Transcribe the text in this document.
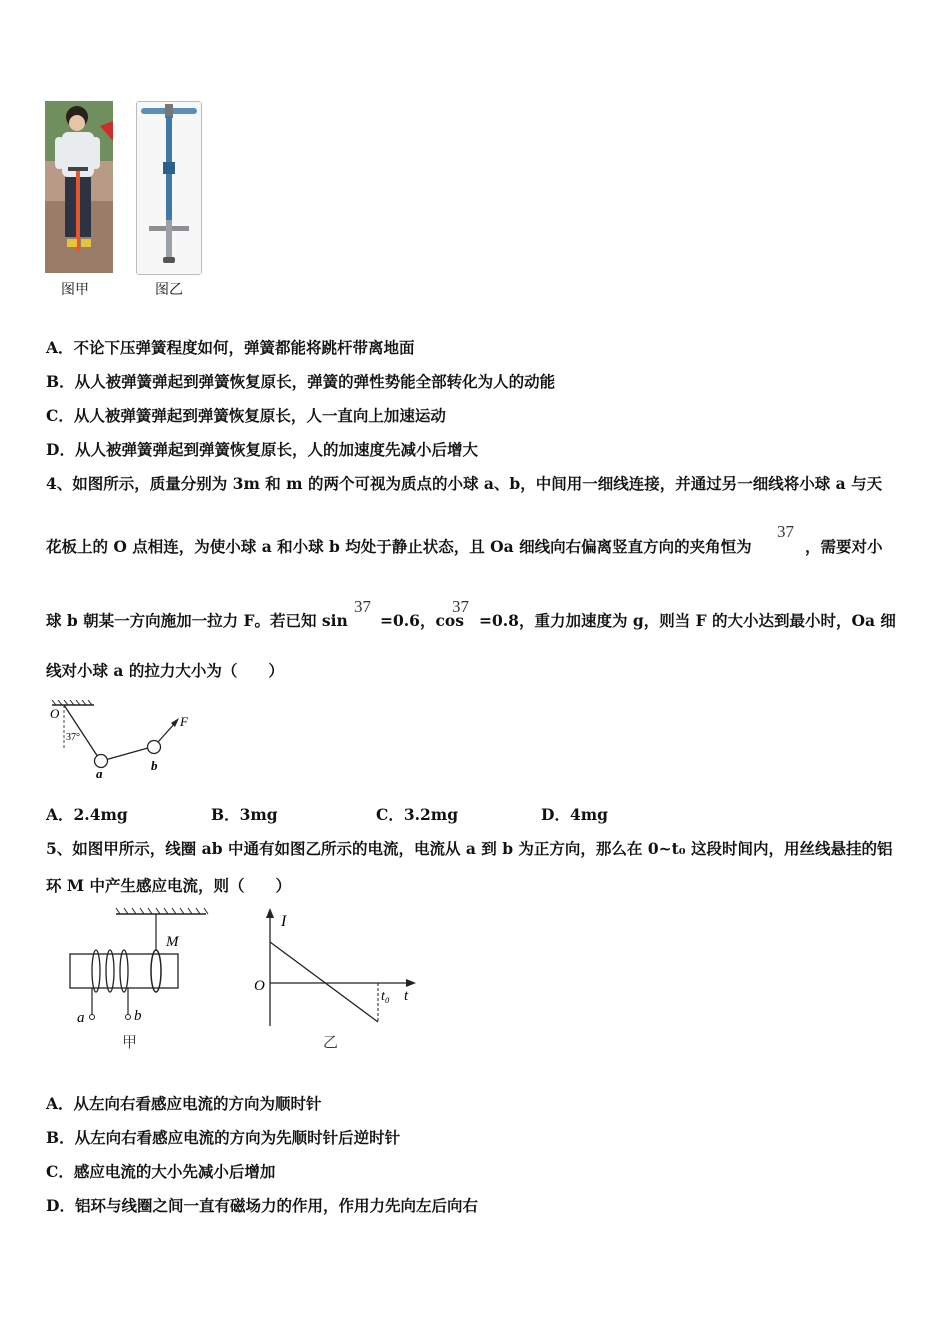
图甲	图乙
A．不论下压弹簧程度如何，弹簧都能将跳杆带离地面
B．从人被弹簧弹起到弹簧恢复原长，弹簧的弹性势能全部转化为人的动能
C．从人被弹簧弹起到弹簧恢复原长，人一直向上加速运动
D．从人被弹簧弹起到弹簧恢复原长，人的加速度先减小后增大
4、如图所示，质量分别为 3m 和 m 的两个可视为质点的小球 a、b，中间用一细线连接，并通过另一细线将小球 a 与天
花板上的 O 点相连，为使小球 a 和小球 b 均处于静止状态，且 Oa 细线向右偏离竖直方向的夹角恒为
37
，需要对小
球 b 朝某一方向施加一拉力 F。若已知 sin
37
=0.6，cos
37
=0.8，重力加速度为 g，则当 F 的大小达到最小时，Oa 细
线对小球 a 的拉力大小为（　　）
O
37°
a
b
F
A．2.4mg	B．3mg	C．3.2mg	D．4mg
5、如图甲所示，线圈 ab 中通有如图乙所示的电流，电流从 a 到 b 为正方向，那么在 0~t₀ 这段时间内，用丝线悬挂的铝
环 M 中产生感应电流，则（　　）
M
a	b
甲
I
O
t₀ t
乙
A．从左向右看感应电流的方向为顺时针
B．从左向右看感应电流的方向为先顺时针后逆时针
C．感应电流的大小先减小后增加
D．铝环与线圈之间一直有磁场力的作用，作用力先向左后向右
